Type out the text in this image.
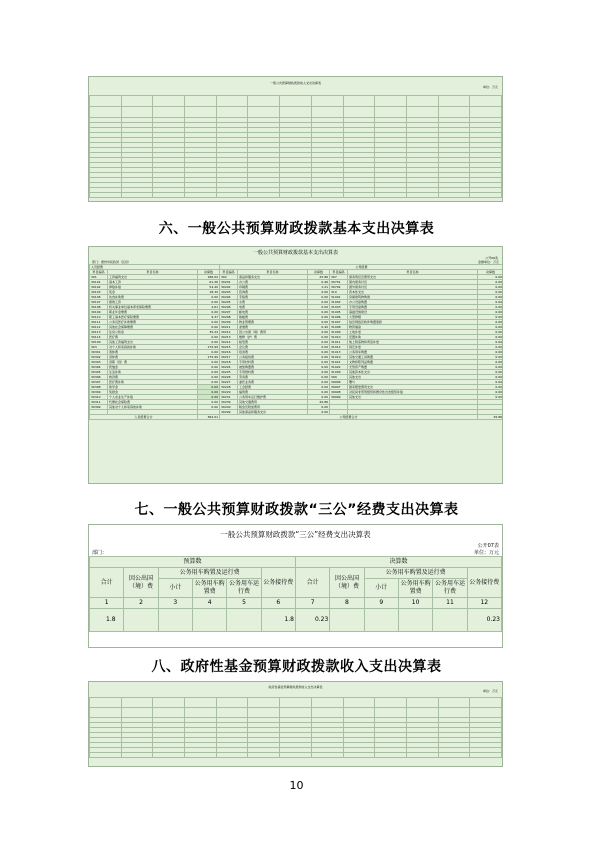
一般公共预算财政拨款收入支出决算表
单位：万元

六、一般公共预算财政拨款基本支出决算表
一般公共预算财政拨款基本支出决算表
公开06表
部门：惠州市民政局（区县）	金额单位：万元
人员经费			公用经费					
科目编码	科目名称	决算数	科目编码	科目名称	决算数	科目编码	科目名称	决算数
301	工资福利支出	186.02	302	商品和服务支出	25.86	307	债务利息及费用支出	0.00
30101	基本工资	61.26	30201	办公费	0.46	30701	国内债务付息	0.00
30102	津贴补贴	54.40	30202	印刷费	1.21	30702	国外债务付息	0.00
30103	奖金	18.30	30203	咨询费	0.00	310	资本性支出	0.00
30106	伙食补助费	0.00	30204	手续费	0.00	31001	房屋建筑物购建	0.00
30107	绩效工资	0.00	30205	水费	0.00	31002	办公设备购置	0.00
30108	机关事业单位基本养老保险缴费	2.61	30206	电费	0.00	31003	专用设备购置	0.00
30109	职业年金缴费	0.00	30207	邮电费	0.00	31005	基础设施建设	0.00
30110	职工基本医疗保险缴费	9.37	30208	取暖费	0.00	31006	大型修缮	0.00
30111	公务员医疗补助缴费	0.00	30209	物业管理费	0.00	31007	信息网络及软件购置更新	0.00
30112	其他社会保障缴费	0.00	30211	差旅费	0.40	31008	物资储备	0.00
30113	住房公积金	35.24	30212	因公出国（境）费用	0.00	31009	土地补偿	0.00
30114	医疗费	0.00	30213	维修（护）费	0.00	31010	安置补助	0.00
30199	其他工资福利支出	0.00	30214	租赁费	0.00	31011	地上附着物和青苗补偿	0.00
303	对个人和家庭的补助	175.99	30215	会议费	0.00	31012	拆迁补偿	0.00
30301	离休费	0.00	30216	培训费	0.00	31013	公务用车购置	0.00
30302	退休费	175.99	30217	公务接待费	0.00	31019	其他交通工具购置	0.00
30303	退职（役）费	0.00	30218	专用材料费	0.00	31021	文物和陈列品购置	0.00
30304	抚恤金	0.00	30224	被装购置费	0.00	31022	无形资产购置	0.00
30305	生活补助	0.00	30225	专用燃料费	0.00	31099	其他资本性支出	0.00
30306	救济费	0.00	30226	劳务费	0.00	399	其他支出	0.00
30307	医疗费补助	0.00	30227	委托业务费	0.00	39906	赠与	0.00
30308	助学金	0.00	30228	工会经费	0.00	39907	国家赔偿费用支出	0.00
30309	奖励金	0.00	30229	福利费	0.00	39908	对民间非营利组织和群众性自治组织补贴	0.00
30310	个人农业生产补贴	0.00	30231	公务用车运行维护费	0.00	39999	其他支出	0.00
30311	代缴社会保险费	0.00	30239	其他交通费用	20.86			
30399	其他对个人和家庭的补助	0.00	30240	税金及附加费用	0.00			
			30299	其他商品和服务支出	0.00			
人员经费合计		362.01	公用经费合计					25.86
七、一般公共预算财政拨款“三公”经费支出决算表
一般公共预算财政拨款“三公”经费支出决算表
公开07表
部门：	单位：万元
预算数						决算数					
合计	因公出国（境）费	公务用车购置及运行费			公务接待费	合计	因公出国（境）费	公务用车购置及运行费			公务接待费
		小计	公务用车购置费	公务用车运行费				小计	公务用车购置费	公务用车运行费	
1	2	3	4	5	6	7	8	9	10	11	12
1.8					1.8	0.23					0.23
八、政府性基金预算财政拨款收入支出决算表
政府性基金预算财政拨款收入支出决算表
单位：万元

10
